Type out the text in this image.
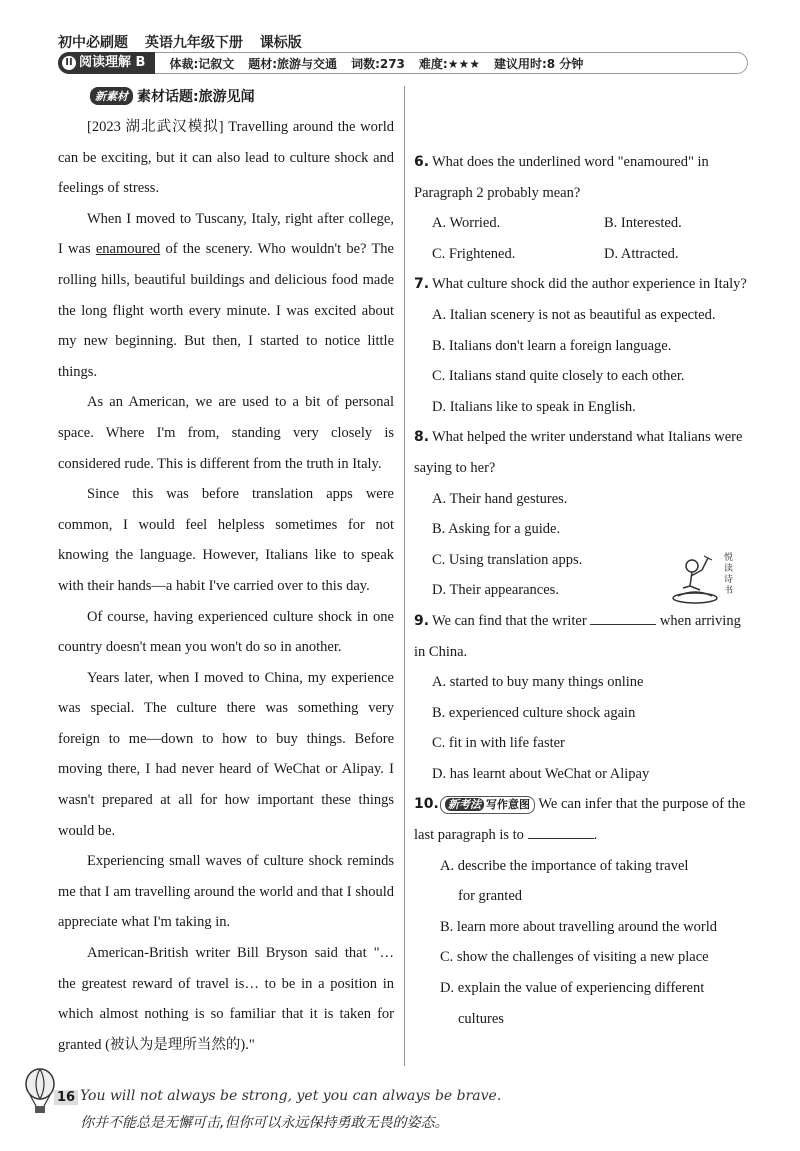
初中必刷题 英语九年级下册 课标版
II 阅读理解 B 体裁:记叙文 题材:旅游与交通 词数:273 难度:★★★ 建议用时:8 分钟
新素材 素材话题:旅游见闻

[2023 湖北武汉模拟] Travelling around the world can be exciting, but it can also lead to culture shock and feelings of stress.

When I moved to Tuscany, Italy, right after college, I was enamoured of the scenery. Who wouldn't be? The rolling hills, beautiful buildings and delicious food made the long flight worth every minute. I was excited about my new beginning. But then, I started to notice little things.

As an American, we are used to a bit of personal space. Where I'm from, standing very closely is considered rude. This is different from the truth in Italy.

Since this was before translation apps were common, I would feel helpless sometimes for not knowing the language. However, Italians like to speak with their hands—a habit I've carried over to this day.

Of course, having experienced culture shock in one country doesn't mean you won't do so in another.

Years later, when I moved to China, my experience was special. The culture there was something very foreign to me—down to how to buy things. Before moving there, I had never heard of WeChat or Alipay. I wasn't prepared at all for how important these things would be.

Experiencing small waves of culture shock reminds me that I am travelling around the world and that I should appreciate what I'm taking in.

American-British writer Bill Bryson said that "… the greatest reward of travel is… to be in a position in which almost nothing is so familiar that it is taken for granted (被认为是理所当然的)."

6. What does the underlined word "enamoured" in Paragraph 2 probably mean?
A. Worried.	B. Interested.
C. Frightened.	D. Attracted.
7. What culture shock did the author experience in Italy?
A. Italian scenery is not as beautiful as expected.
B. Italians don't learn a foreign language.
C. Italians stand quite closely to each other.
D. Italians like to speak in English.
8. What helped the writer understand what Italians were saying to her?
A. Their hand gestures.
B. Asking for a guide.
C. Using translation apps.
D. Their appearances.
9. We can find that the writer	when arriving in China.
A. started to buy many things online
B. experienced culture shock again
C. fit in with life faster
D. has learnt about WeChat or Alipay
10. 新考法 写作意图 We can infer that the purpose of the last paragraph is to	.
A. describe the importance of taking travel
for granted
B. learn more about travelling around the world
C. show the challenges of visiting a new place
D. explain the value of experiencing different
cultures
悦读诗书
16 You will not always be strong, yet you can always be brave.
你并不能总是无懈可击,但你可以永远保持勇敢无畏的姿态。
